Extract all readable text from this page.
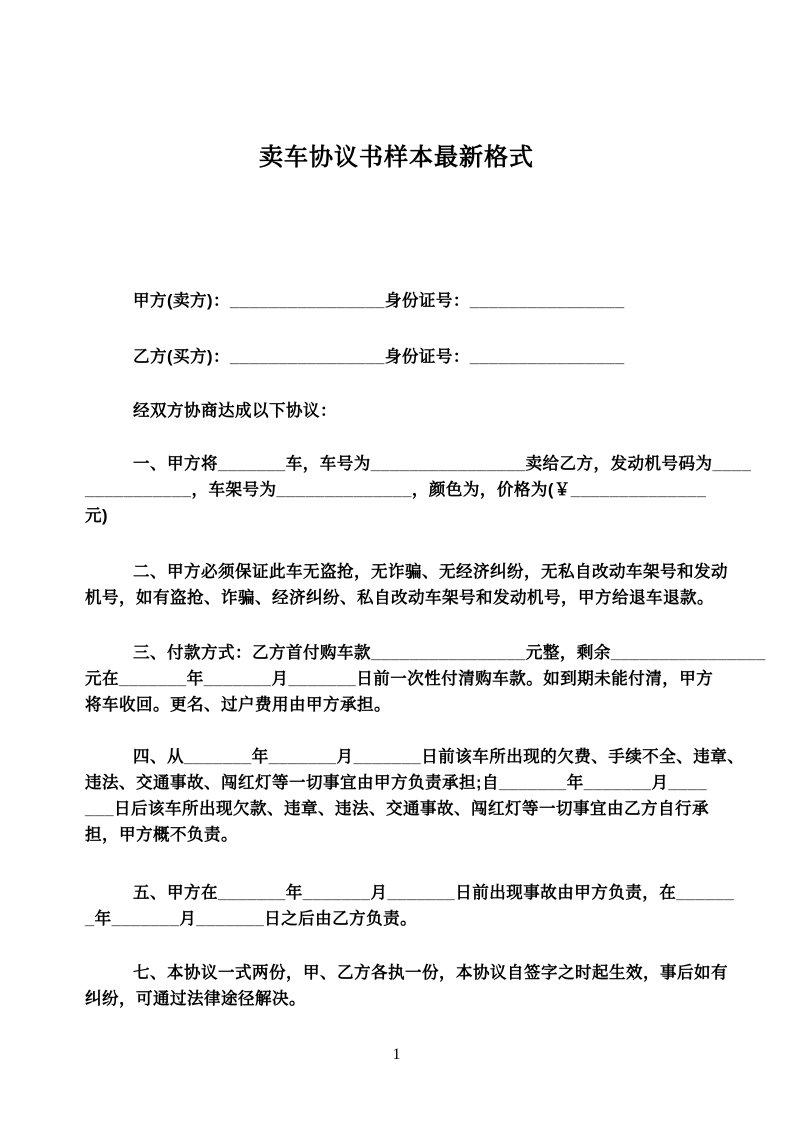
卖车协议书样本最新格式
甲方(卖方)：________________身份证号：________________
乙方(买方)：________________身份证号：________________
经双方协商达成以下协议：
一、甲方将_______车，车号为________________卖给乙方，发动机号码为____
___________，车架号为______________，颜色为，价格为(￥______________
元)
二、甲方必须保证此车无盗抢，无诈骗、无经济纠纷，无私自改动车架号和发动
机号，如有盗抢、诈骗、经济纠纷、私自改动车架号和发动机号，甲方给退车退款。
三、付款方式：乙方首付购车款________________元整，剩余________________
元在_______年_______月_______日前一次性付清购车款。如到期未能付清，甲方
将车收回。更名、过户费用由甲方承担。
四、从_______年_______月_______日前该车所出现的欠费、手续不全、违章、
违法、交通事故、闯红灯等一切事宜由甲方负责承担;自_______年_______月____
___日后该车所出现欠款、违章、违法、交通事故、闯红灯等一切事宜由乙方自行承
担，甲方概不负责。
五、甲方在_______年_______月_______日前出现事故由甲方负责，在______
_年_______月_______日之后由乙方负责。
七、本协议一式两份，甲、乙方各执一份，本协议自签字之时起生效，事后如有
纠纷，可通过法律途径解决。
1
